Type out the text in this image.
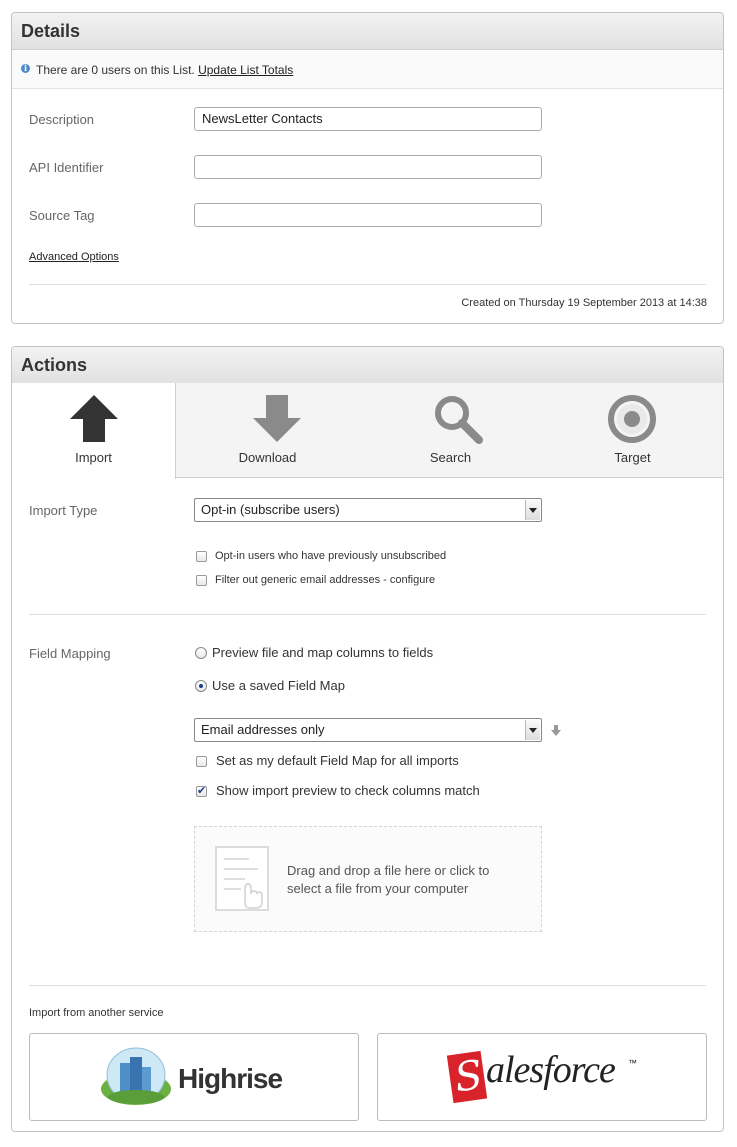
Details
i There are 0 users on this List. Update List Totals
Description	NewsLetter Contacts
API Identifier
Source Tag
Advanced Options
Created on Thursday 19 September 2013 at 14:38
Actions
Import	Download	Search	Target
Import Type	Opt-in (subscribe users)
Opt-in users who have previously unsubscribed
Filter out generic email addresses - configure
Field Mapping	Preview file and map columns to fields
Use a saved Field Map
Email addresses only
Set as my default Field Map for all imports
✔
Show import preview to check columns match
Drag and drop a file here or click to
select a file from your computer
Import from another service
Highrise	S alesforce ™
